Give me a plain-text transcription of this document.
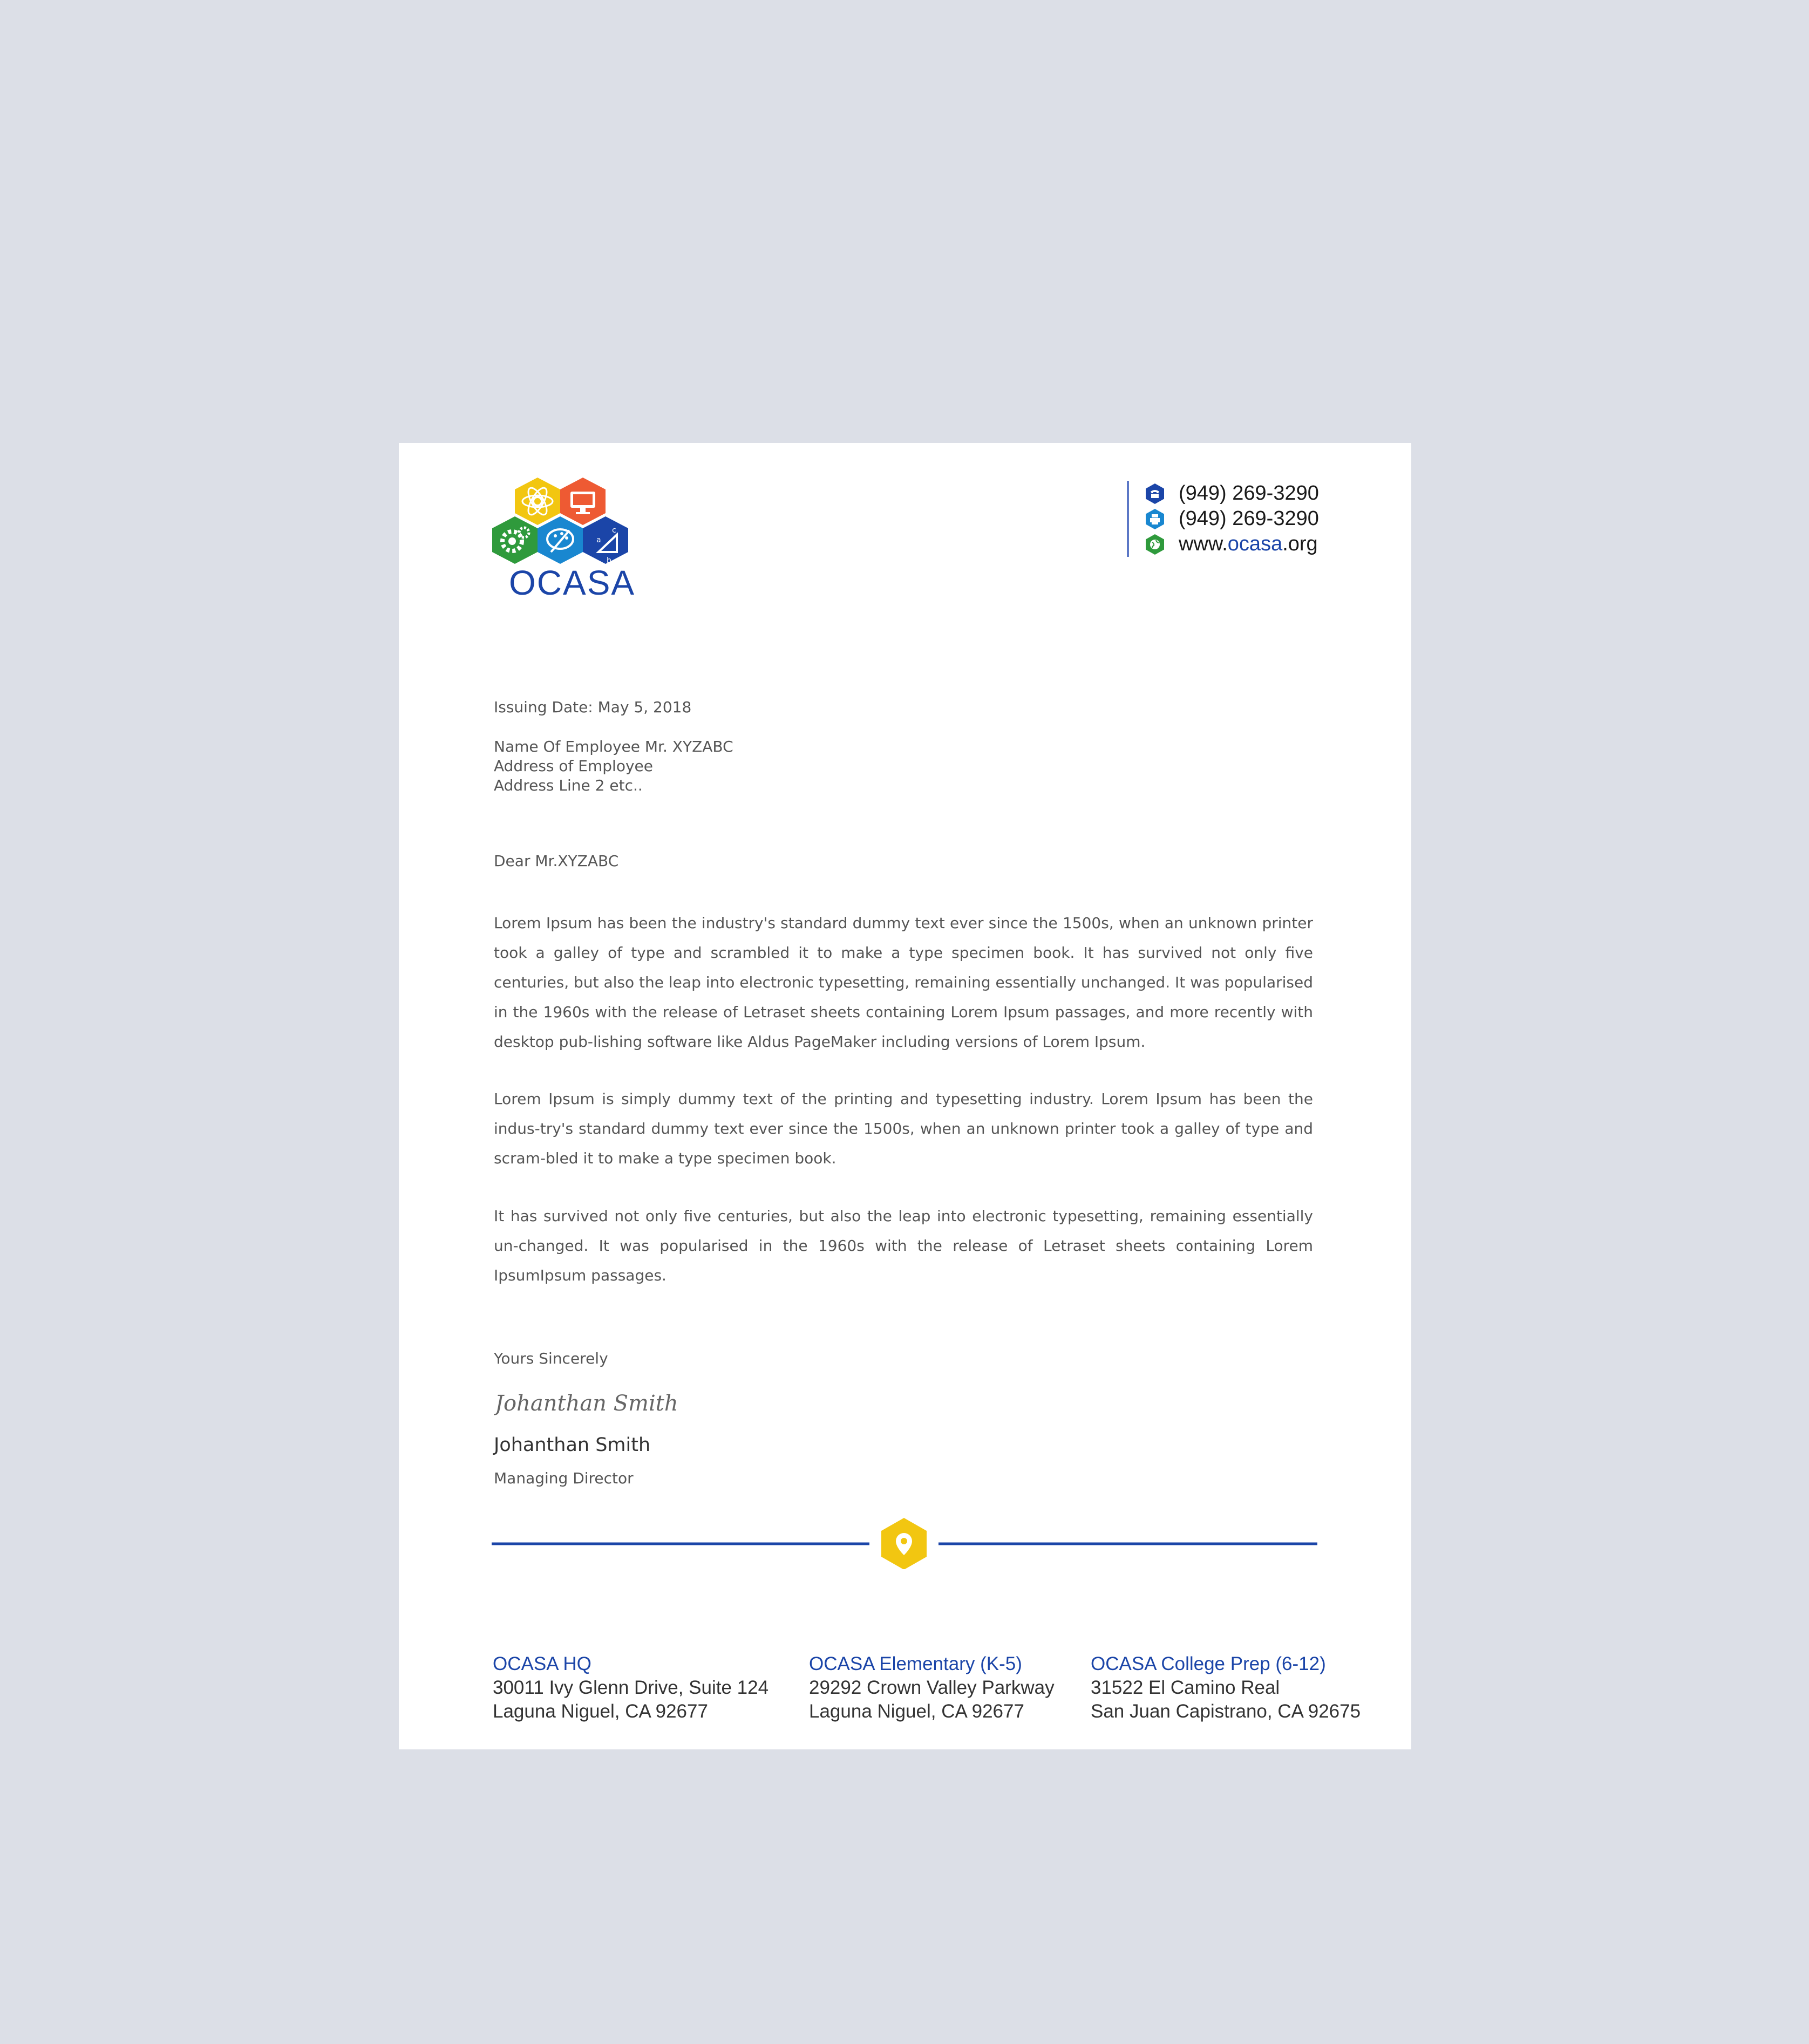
a
c
b
OCASA
(949) 269-3290
(949) 269-3290
www.ocasa.org
Issuing Date: May 5, 2018
Name Of Employee Mr. XYZABC
Address of Employee
Address Line 2 etc..
Dear Mr.XYZABC
Lorem Ipsum has been the industry's standard dummy text ever since the 1500s, when an unknown printer took a galley of type and scrambled it to make a type specimen book. It has survived not only five centuries, but also the leap into electronic typesetting, remaining essentially unchanged. It was popularised in the 1960s with the release of Letraset sheets containing Lorem Ipsum passages, and more recently with desktop pub-lishing software like Aldus PageMaker including versions of Lorem Ipsum.
Lorem Ipsum is simply dummy text of the printing and typesetting industry. Lorem Ipsum has been the indus-try's standard dummy text ever since the 1500s, when an unknown printer took a galley of type and scram-bled it to make a type specimen book.
It has survived not only five centuries, but also the leap into electronic typesetting, remaining essentially un-changed. It was popularised in the 1960s with the release of Letraset sheets containing Lorem IpsumIpsum passages.
Yours Sincerely
Johanthan Smith
Johanthan Smith
Managing Director
OCASA HQ
30011 Ivy Glenn Drive, Suite 124
Laguna Niguel, CA 92677
OCASA Elementary (K-5)
29292 Crown Valley Parkway
Laguna Niguel, CA 92677
OCASA College Prep (6-12)
31522 El Camino Real
San Juan Capistrano, CA 92675
